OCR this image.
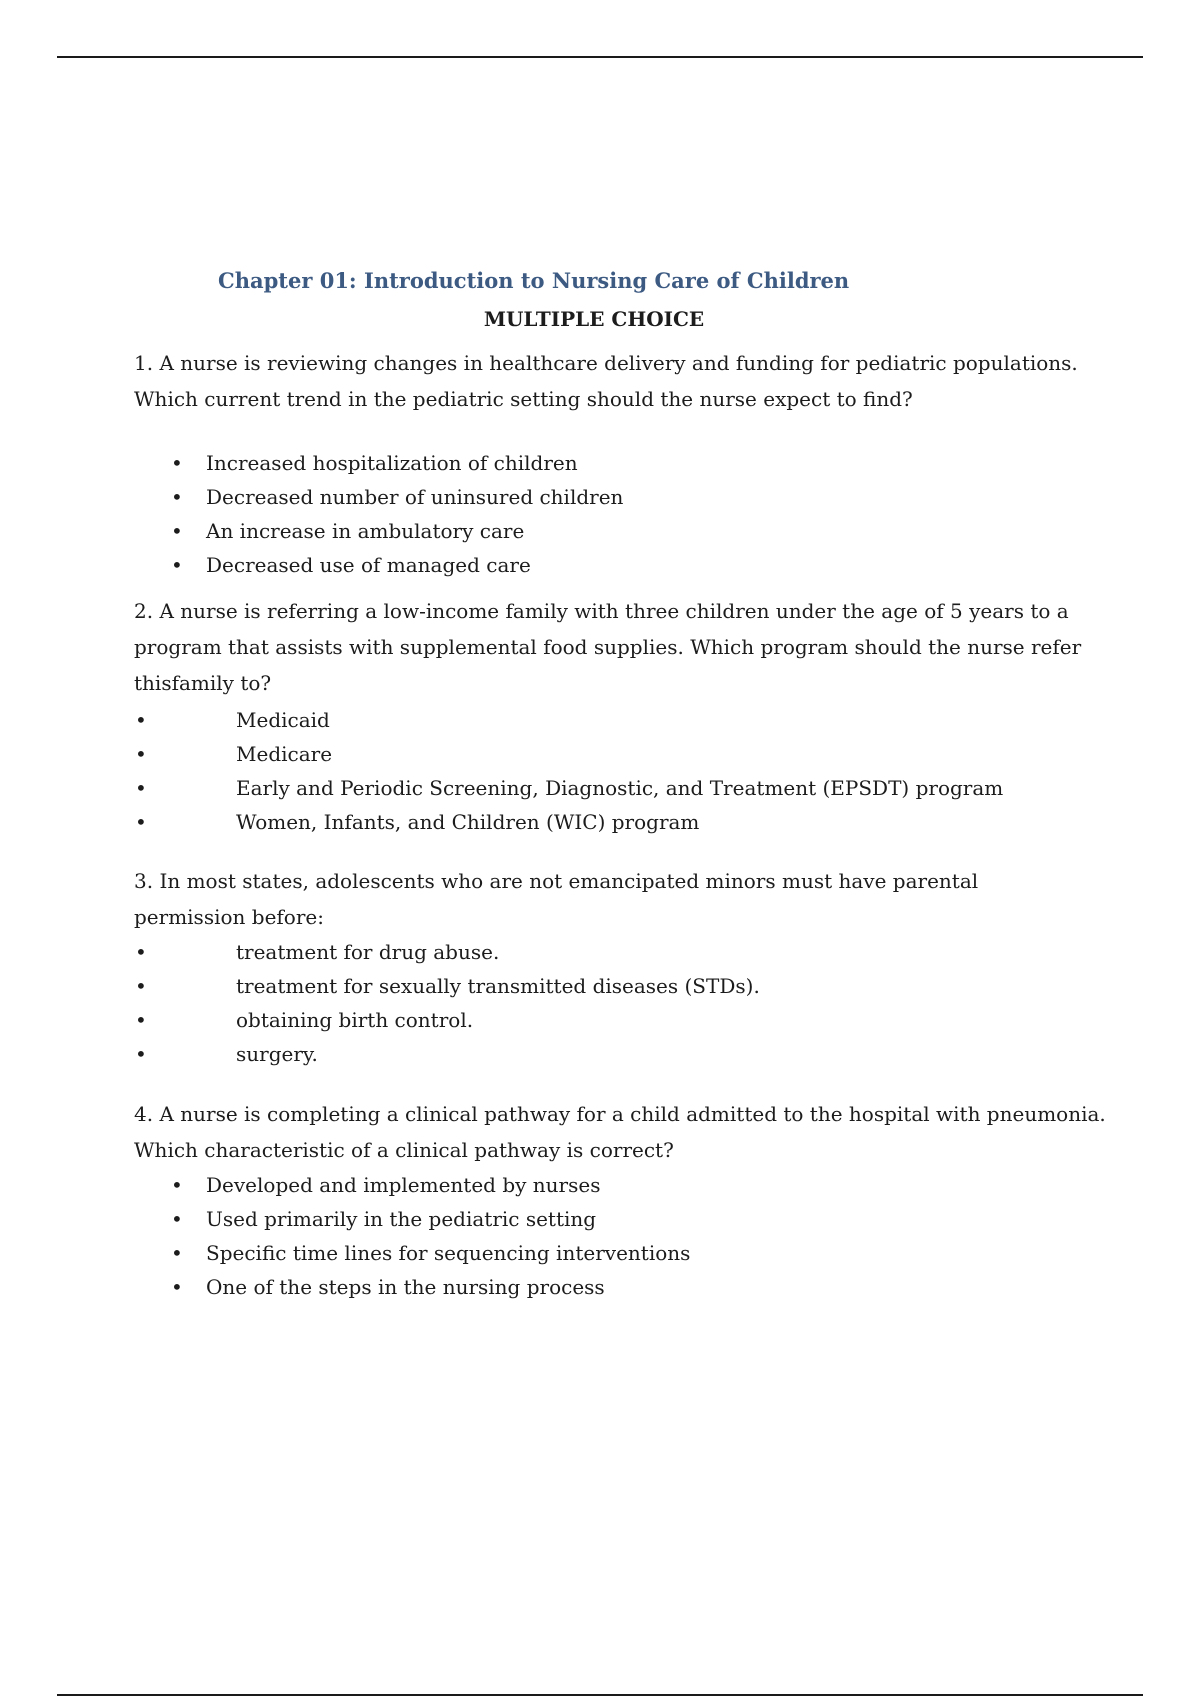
Chapter 01: Introduction to Nursing Care of Children
MULTIPLE CHOICE

1. A nurse is reviewing changes in healthcare delivery and funding for pediatric populations.

Which current trend in the pediatric setting should the nurse expect to find?

• Increased hospitalization of children
• Decreased number of uninsured children
• An increase in ambulatory care
• Decreased use of managed care

2. A nurse is referring a low-income family with three children under the age of 5 years to a

program that assists with supplemental food supplies. Which program should the nurse refer

thisfamily to?

•	Medicaid
•	Medicare
•	Early and Periodic Screening, Diagnostic, and Treatment (EPSDT) program
•	Women, Infants, and Children (WIC) program

3. In most states, adolescents who are not emancipated minors must have parental

permission before:

•	treatment for drug abuse.
•	treatment for sexually transmitted diseases (STDs).
•	obtaining birth control.
•	surgery.

4. A nurse is completing a clinical pathway for a child admitted to the hospital with pneumonia.

Which characteristic of a clinical pathway is correct?

• Developed and implemented by nurses
• Used primarily in the pediatric setting
• Specific time lines for sequencing interventions
• One of the steps in the nursing process
